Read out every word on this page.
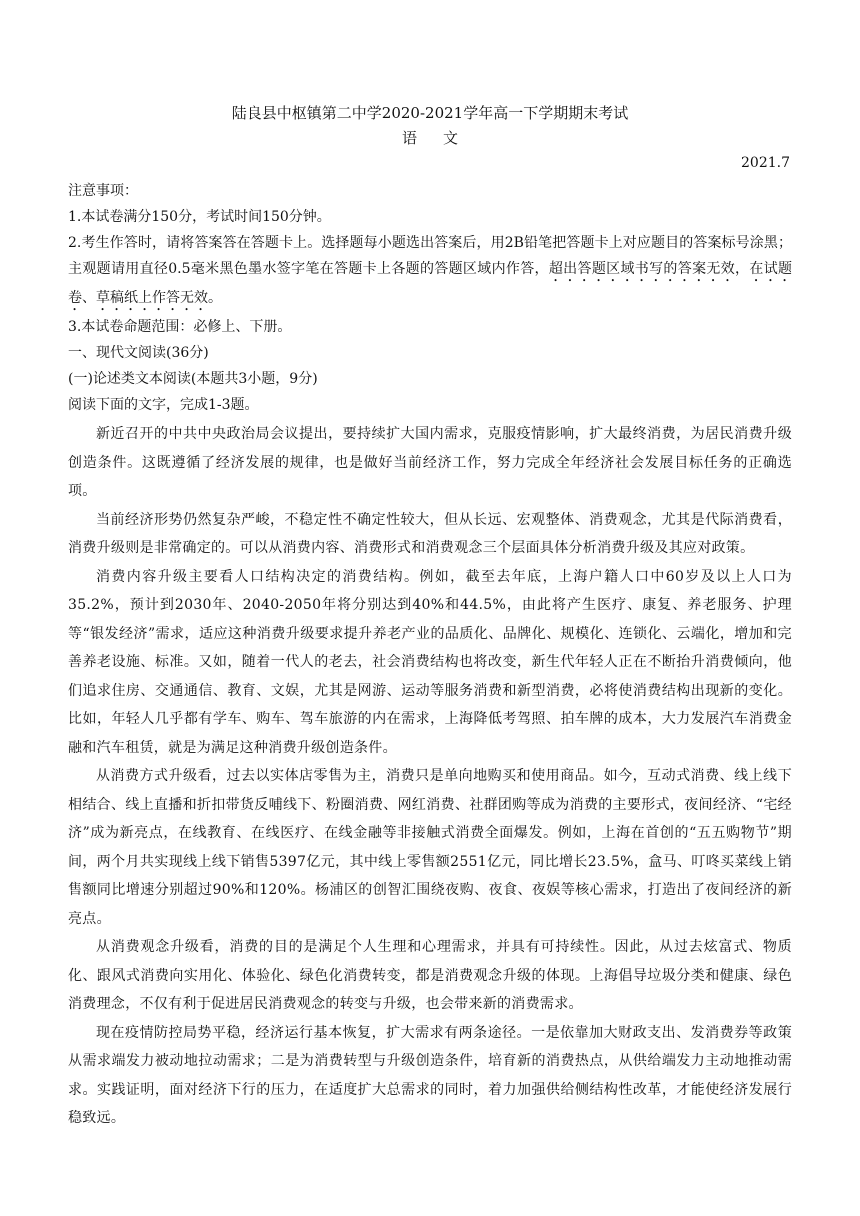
陆良县中枢镇第二中学2020-2021学年高一下学期期末考试
语文
2021.7

注意事项：

1.本试卷满分150分，考试时间150分钟。

2.考生作答时，请将答案答在答题卡上。选择题每小题选出答案后，用2B铅笔把答题卡上对应题目的答案标号涂黑；主观题请用直径0.5毫米黑色墨水签字笔在答题卡上各题的答题区域内作答，超出答题区域书写的答案无效，在试题卷、草稿纸上作答无效。

3.本试卷命题范围：必修上、下册。

一、现代文阅读(36分)

(一)论述类文本阅读(本题共3小题，9分)

阅读下面的文字，完成1-3题。

新近召开的中共中央政治局会议提出，要持续扩大国内需求，克服疫情影响，扩大最终消费，为居民消费升级创造条件。这既遵循了经济发展的规律，也是做好当前经济工作，努力完成全年经济社会发展目标任务的正确选项。

当前经济形势仍然复杂严峻，不稳定性不确定性较大，但从长远、宏观整体、消费观念，尤其是代际消费看，消费升级则是非常确定的。可以从消费内容、消费形式和消费观念三个层面具体分析消费升级及其应对政策。

消费内容升级主要看人口结构决定的消费结构。例如，截至去年底，上海户籍人口中60岁及以上人口为35.2%，预计到2030年、2040-2050年将分别达到40%和44.5%，由此将产生医疗、康复、养老服务、护理等“银发经济”需求，适应这种消费升级要求提升养老产业的品质化、品牌化、规模化、连锁化、云端化，增加和完善养老设施、标准。又如，随着一代人的老去，社会消费结构也将改变，新生代年轻人正在不断抬升消费倾向，他们追求住房、交通通信、教育、文娱，尤其是网游、运动等服务消费和新型消费，必将使消费结构出现新的变化。比如，年轻人几乎都有学车、购车、驾车旅游的内在需求，上海降低考驾照、拍车牌的成本，大力发展汽车消费金融和汽车租赁，就是为满足这种消费升级创造条件。

从消费方式升级看，过去以实体店零售为主，消费只是单向地购买和使用商品。如今，互动式消费、线上线下相结合、线上直播和折扣带货反哺线下、粉圈消费、网红消费、社群团购等成为消费的主要形式，夜间经济、“宅经济”成为新亮点，在线教育、在线医疗、在线金融等非接触式消费全面爆发。例如，上海在首创的“五五购物节”期间，两个月共实现线上线下销售5397亿元，其中线上零售额2551亿元，同比增长23.5%，盒马、叮咚买菜线上销售额同比增速分别超过90%和120%。杨浦区的创智汇围绕夜购、夜食、夜娱等核心需求，打造出了夜间经济的新亮点。

从消费观念升级看，消费的目的是满足个人生理和心理需求，并具有可持续性。因此，从过去炫富式、物质化、跟风式消费向实用化、体验化、绿色化消费转变，都是消费观念升级的体现。上海倡导垃圾分类和健康、绿色消费理念，不仅有利于促进居民消费观念的转变与升级，也会带来新的消费需求。

现在疫情防控局势平稳，经济运行基本恢复，扩大需求有两条途径。一是依靠加大财政支出、发消费券等政策从需求端发力被动地拉动需求；二是为消费转型与升级创造条件，培育新的消费热点，从供给端发力主动地推动需求。实践证明，面对经济下行的压力，在适度扩大总需求的同时，着力加强供给侧结构性改革，才能使经济发展行稳致远。
